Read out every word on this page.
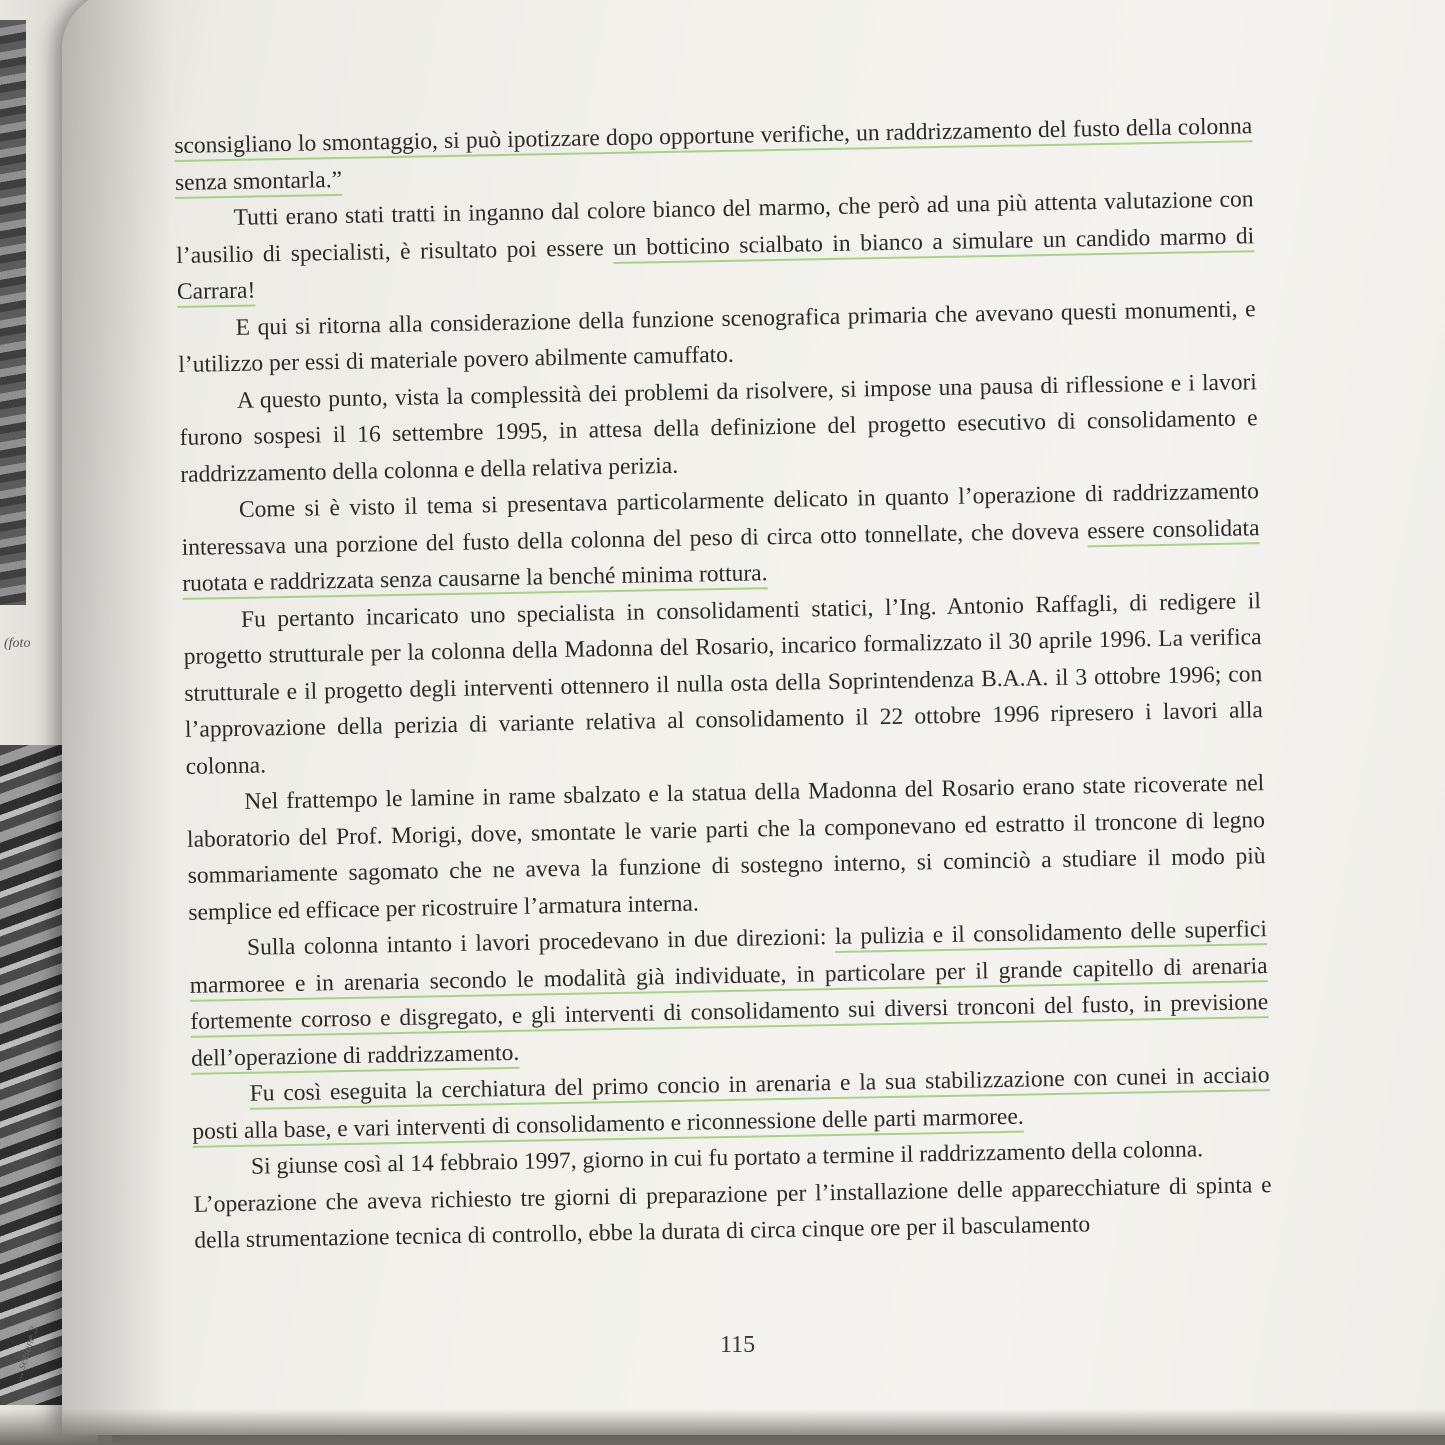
(foto
... sezione 3

sconsigliano lo smontaggio, si può ipotizzare dopo opportune verifiche, un raddrizzamento del fusto della colonna senza smontarla.”

Tutti erano stati tratti in inganno dal colore bianco del marmo, che però ad una più attenta valutazione con l’ausilio di specialisti, è risultato poi essere un botticino scialbato in bianco a simulare un candido marmo di Carrara!

E qui si ritorna alla considerazione della funzione scenografica primaria che avevano questi monumenti, e l’utilizzo per essi di materiale povero abilmente camuffato.

A questo punto, vista la complessità dei problemi da risolvere, si impose una pausa di riflessione e i lavori furono sospesi il 16 settembre 1995, in attesa della definizione del progetto esecutivo di consolidamento e raddrizzamento della colonna e della relativa perizia.

Come si è visto il tema si presentava particolarmente delicato in quanto l’operazione di raddrizzamento interessava una porzione del fusto della colonna del peso di circa otto tonnellate, che doveva essere consolidata ruotata e raddrizzata senza causarne la benché minima rottura.

Fu pertanto incaricato uno specialista in consolidamenti statici, l’Ing. Antonio Raffagli, di redigere il progetto strutturale per la colonna della Madonna del Rosario, incarico formalizzato il 30 aprile 1996. La verifica strutturale e il progetto degli interventi ottennero il nulla osta della Soprintendenza B.A.A. il 3 ottobre 1996; con l’approvazione della perizia di variante relativa al consolidamento il 22 ottobre 1996 ripresero i lavori alla colonna.

Nel frattempo le lamine in rame sbalzato e la statua della Madonna del Rosario erano state ricoverate nel laboratorio del Prof. Morigi, dove, smontate le varie parti che la componevano ed estratto il troncone di legno sommariamente sagomato che ne aveva la funzione di sostegno interno, si cominciò a studiare il modo più semplice ed efficace per ricostruire l’armatura interna.

Sulla colonna intanto i lavori procedevano in due direzioni: la pulizia e il consolidamento delle superfici marmoree e in arenaria secondo le modalità già individuate, in particolare per il grande capitello di arenaria fortemente corroso e disgregato, e gli interventi di consolidamento sui diversi tronconi del fusto, in previsione dell’operazione di raddrizzamento.

Fu così eseguita la cerchiatura del primo concio in arenaria e la sua stabilizzazione con cunei in acciaio posti alla base, e vari interventi di consolidamento e riconnessione delle parti marmoree.

Si giunse così al 14 febbraio 1997, giorno in cui fu portato a termine il raddrizzamento della colonna.

L’operazione che aveva richiesto tre giorni di preparazione per l’installazione delle apparecchiature di spinta e della strumentazione tecnica di controllo, ebbe la durata di circa cinque ore per il basculamento

115
